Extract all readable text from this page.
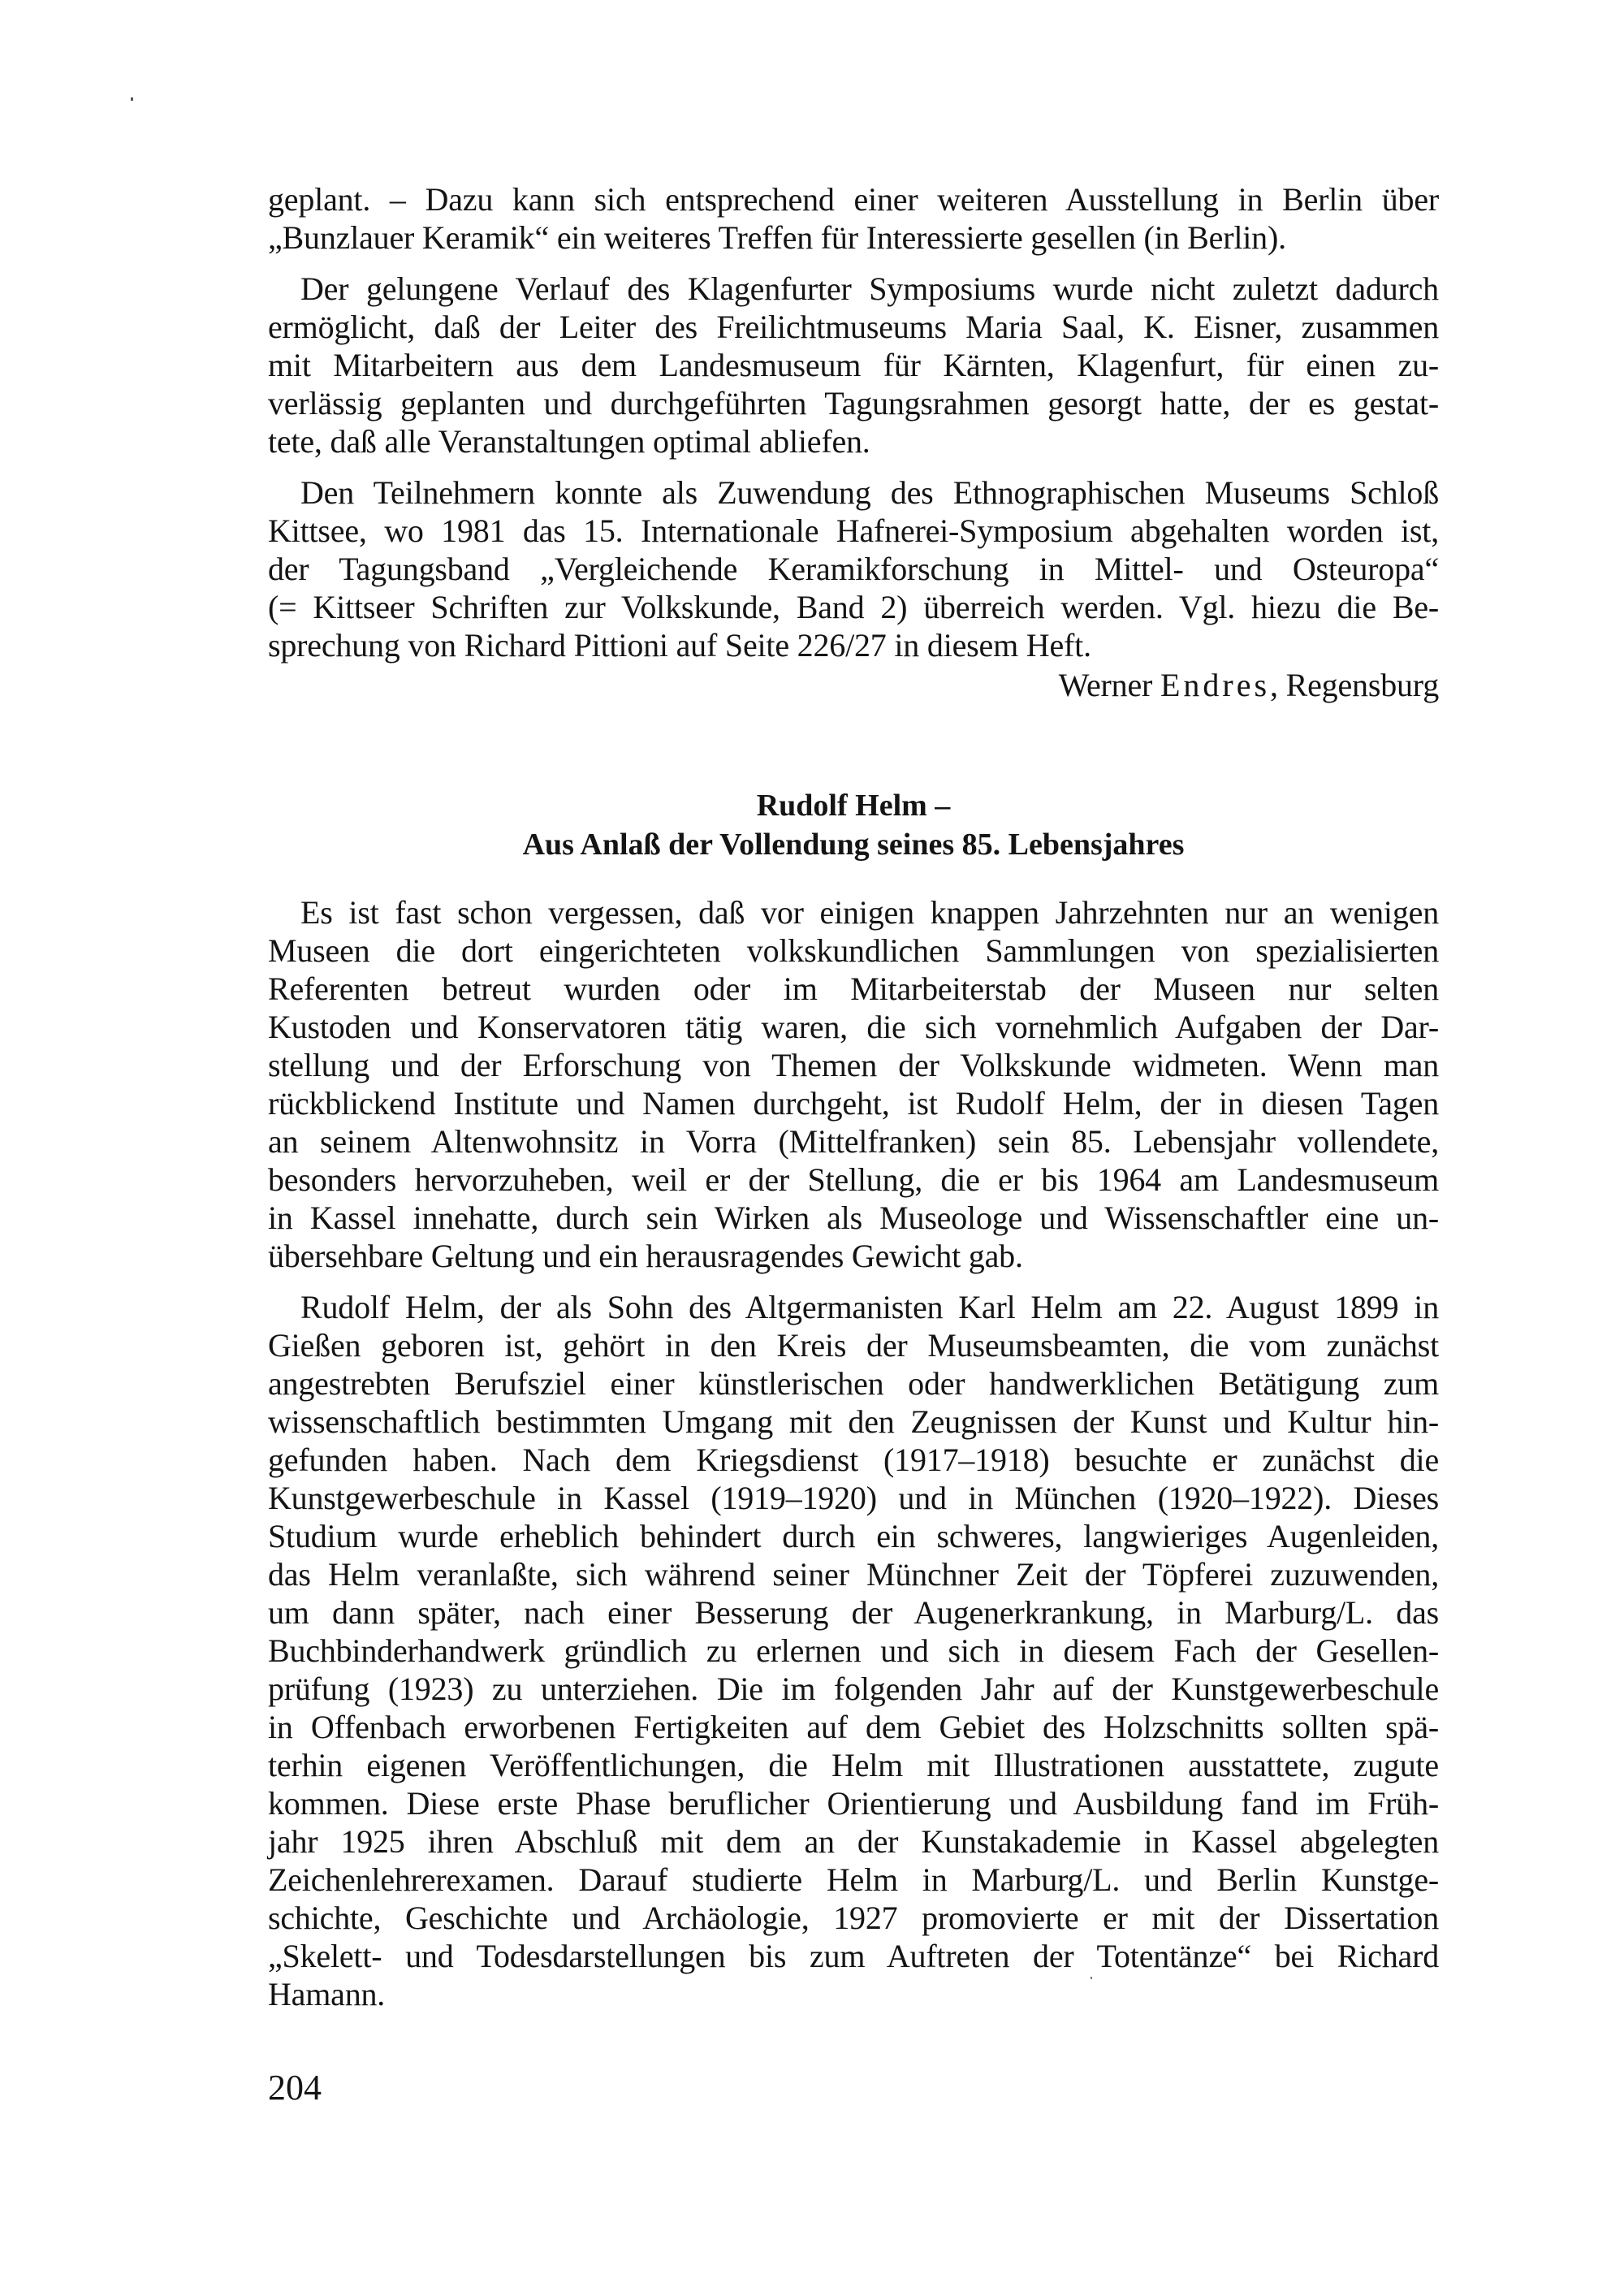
geplant. – Dazu kann sich entsprechend einer weiteren Ausstellung in Berlin über
„Bunzlauer Keramik“ ein weiteres Treffen für Interessierte gesellen (in Berlin).
Der gelungene Verlauf des Klagenfurter Symposiums wurde nicht zuletzt dadurch
ermöglicht, daß der Leiter des Freilichtmuseums Maria Saal, K. Eisner, zusammen
mit Mitarbeitern aus dem Landesmuseum für Kärnten, Klagenfurt, für einen zu-
verlässig geplanten und durchgeführten Tagungsrahmen gesorgt hatte, der es gestat-
tete, daß alle Veranstaltungen optimal abliefen.
Den Teilnehmern konnte als Zuwendung des Ethnographischen Museums Schloß
Kittsee, wo 1981 das 15. Internationale Hafnerei-Symposium abgehalten worden ist,
der Tagungsband „Vergleichende Keramikforschung in Mittel- und Osteuropa“
(= Kittseer Schriften zur Volkskunde, Band 2) überreich werden. Vgl. hiezu die Be-
sprechung von Richard Pittioni auf Seite 226/27 in diesem Heft.
Werner Endres, Regensburg
Rudolf Helm –
Aus Anlaß der Vollendung seines 85. Lebensjahres
Es ist fast schon vergessen, daß vor einigen knappen Jahrzehnten nur an wenigen
Museen die dort eingerichteten volkskundlichen Sammlungen von spezialisierten
Referenten betreut wurden oder im Mitarbeiterstab der Museen nur selten
Kustoden und Konservatoren tätig waren, die sich vornehmlich Aufgaben der Dar-
stellung und der Erforschung von Themen der Volkskunde widmeten. Wenn man
rückblickend Institute und Namen durchgeht, ist Rudolf Helm, der in diesen Tagen
an seinem Altenwohnsitz in Vorra (Mittelfranken) sein 85. Lebensjahr vollendete,
besonders hervorzuheben, weil er der Stellung, die er bis 1964 am Landesmuseum
in Kassel innehatte, durch sein Wirken als Museologe und Wissenschaftler eine un-
übersehbare Geltung und ein herausragendes Gewicht gab.
Rudolf Helm, der als Sohn des Altgermanisten Karl Helm am 22. August 1899 in
Gießen geboren ist, gehört in den Kreis der Museumsbeamten, die vom zunächst
angestrebten Berufsziel einer künstlerischen oder handwerklichen Betätigung zum
wissenschaftlich bestimmten Umgang mit den Zeugnissen der Kunst und Kultur hin-
gefunden haben. Nach dem Kriegsdienst (1917–1918) besuchte er zunächst die
Kunstgewerbeschule in Kassel (1919–1920) und in München (1920–1922). Dieses
Studium wurde erheblich behindert durch ein schweres, langwieriges Augenleiden,
das Helm veranlaßte, sich während seiner Münchner Zeit der Töpferei zuzuwenden,
um dann später, nach einer Besserung der Augenerkrankung, in Marburg/L. das
Buchbinderhandwerk gründlich zu erlernen und sich in diesem Fach der Gesellen-
prüfung (1923) zu unterziehen. Die im folgenden Jahr auf der Kunstgewerbeschule
in Offenbach erworbenen Fertigkeiten auf dem Gebiet des Holzschnitts sollten spä-
terhin eigenen Veröffentlichungen, die Helm mit Illustrationen ausstattete, zugute
kommen. Diese erste Phase beruflicher Orientierung und Ausbildung fand im Früh-
jahr 1925 ihren Abschluß mit dem an der Kunstakademie in Kassel abgelegten
Zeichenlehrerexamen. Darauf studierte Helm in Marburg/L. und Berlin Kunstge-
schichte, Geschichte und Archäologie, 1927 promovierte er mit der Dissertation
„Skelett- und Todesdarstellungen bis zum Auftreten der Totentänze“ bei Richard
Hamann.
204
